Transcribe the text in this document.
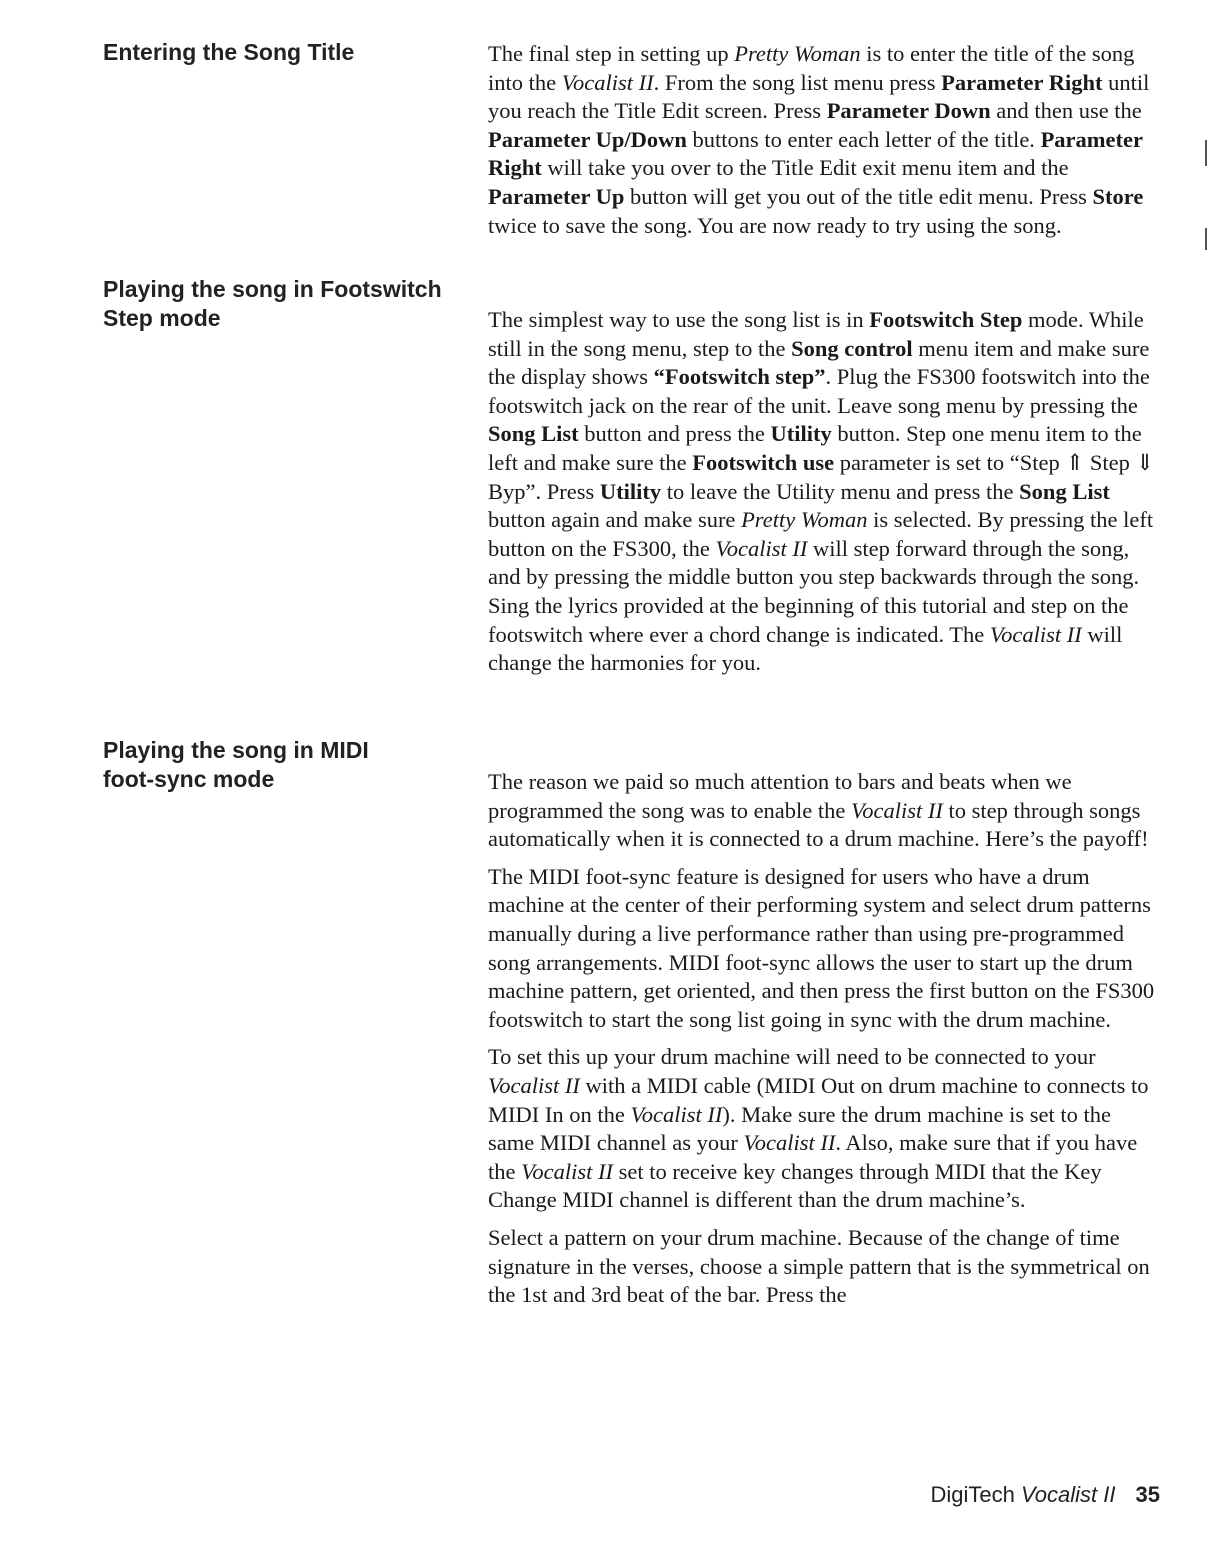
Entering the Song Title	The final step in setting up Pretty Woman is to enter the title of the song into the Vocalist II. From the song list menu press Parameter Right until you reach the Title Edit screen. Press Parameter Down and then use the Parameter Up/Down buttons to enter each letter of the title. Parameter Right will take you over to the Title Edit exit menu item and the Parameter Up button will get you out of the title edit menu. Press Store twice to save the song. You are now ready to try using the song.

Playing the song in Footswitch Step mode	The simplest way to use the song list is in Footswitch Step mode. While still in the song menu, step to the Song control menu item and make sure the display shows “Footswitch step”. Plug the FS300 footswitch into the footswitch jack on the rear of the unit. Leave song menu by pressing the Song List button and press the Utility button. Step one menu item to the left and make sure the Footswitch use parameter is set to “Step ⇑ Step ⇓ Byp”. Press Utility to leave the Utility menu and press the Song List button again and make sure Pretty Woman is selected. By pressing the left button on the FS300, the Vocalist II will step forward through the song, and by pressing the middle button you step backwards through the song. Sing the lyrics provided at the beginning of this tutorial and step on the footswitch where ever a chord change is indicated. The Vocalist II will change the harmonies for you.

Playing the song in MIDI foot-sync mode	The reason we paid so much attention to bars and beats when we programmed the song was to enable the Vocalist II to step through songs automatically when it is connected to a drum machine. Here’s the payoff!

The MIDI foot-sync feature is designed for users who have a drum machine at the center of their performing system and select drum patterns manually during a live performance rather than using pre-programmed song arrangements. MIDI foot-sync allows the user to start up the drum machine pattern, get oriented, and then press the first button on the FS300 footswitch to start the song list going in sync with the drum machine.

To set this up your drum machine will need to be connected to your Vocalist II with a MIDI cable (MIDI Out on drum machine to connects to MIDI In on the Vocalist II). Make sure the drum machine is set to the same MIDI channel as your Vocalist II. Also, make sure that if you have the Vocalist II set to receive key changes through MIDI that the Key Change MIDI channel is different than the drum machine’s.

Select a pattern on your drum machine. Because of the change of time signature in the verses, choose a simple pattern that is the symmetrical on the 1st and 3rd beat of the bar. Press the

DigiTech Vocalist II 35
